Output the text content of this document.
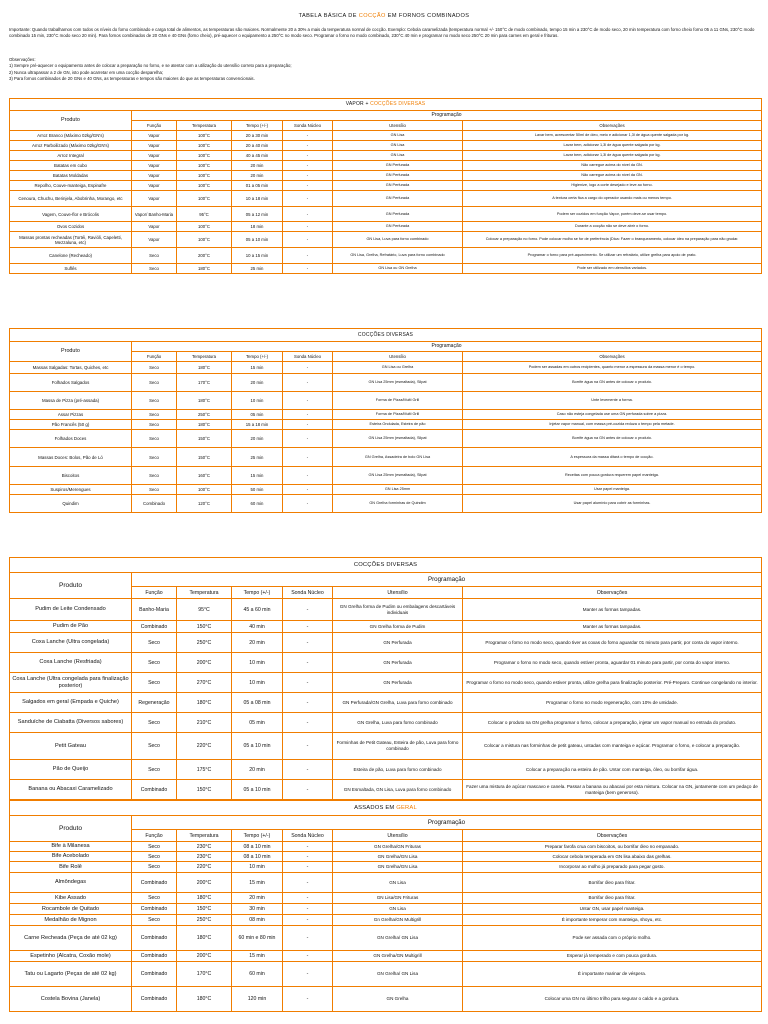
TABELA BÁSICA DE COCÇÃO EM FORNOS COMBINADOS
Importante: Quando trabalhamos com todos os níveis do forno combinado e carga total de alimentos, as temperaturas são maiores. Normalmente 20 a 30% a mais da temperatura normal de cocção. Exemplo: Cebola caramelizada (temperatura normal +/- 150°C de modo combinado, tempo 15 min a 230°C de modo seco, 20 min temperatura com forno cheio forno 05 a 11 GNs, 230°C modo combinado 15 min, 230°C modo seco 20 min). Para fornos combinados de 20 GNs e 40 GNs (forno cheio), pré-aquecer o equipamento a 250°C no modo seco. Programar o forno no modo combinado, 230°C 40 min e programar no modo seco 250°C 20 min para carnes em geral e frituras.
Observações:
1) Sempre pré-aquecer o equipamento antes de colocar a preparação no forno, e se atentar com a utilização do utensílio correto para a preparação;
2) Nunca ultrapassar a 2 de GN, isto pode acarretar em uma cocção desparelha;
3) Para fornos combinados de 20 GNs e 40 GNs, as temperaturas e tempos são maiores do que as temperaturas convencionais.
VAPOR + COCÇÕES DIVERSAS						
Produto	Programação					
	Função	Temperatura	Tempo (+/-)	Sonda Núcleo	Utensílio	Observações
Arroz Branco (Máximo 02kg/GN's)	Vapor	100°C	20 a 30 min	-	GN Lisa	Lavar bem, acrescentar 50ml de óleo, meio e adicionar 1,3l de água quente salgada por kg.
Arroz Parboilizado (Máximo 02kg/GN's)	Vapor	100°C	20 a 40 min	-	GN Lisa	Lavar bem, adicionar 1,3l de água quente salgada por kg.
Arroz Integral	Vapor	100°C	40 a 45 min	-	GN Lisa	Lavar bem, adicionar 1,3l de água quente salgada por kg.
Batatas em cubo	Vapor	100°C	20 min	-	GN Perfurada	Não carregue acima do nível da GN.
Batatas Moldadas	Vapor	100°C	20 min	-	GN Perfurada	Não carregue acima do nível da GN.
Repolho, Couve-manteiga, Espinafre	Vapor	100°C	01 a 05 min	-	GN Perfurada	Higienize, logo a corte desejado e leve ao forno.
Cenoura, Chuchu, Berinjela, Abobrinha, Morango, etc	Vapor	100°C	10 a 18 min	-	GN Perfurada	A textura certa fica a cargo do operador usando mais ou menos tempo.
Vagem, Couve-flor e Brócolis	Vapor/ Banho-Maria	95°C	05 a 12 min	-	GN Perfurada	Podem ser cozidos em função Vapor, porém deve-se usar tempo.
Ovos Cozidos	Vapor	100°C	18 min	-	GN Perfurada	Durante a cocção não se deve abrir o forno.
Massas prontas recheadas (Tortéi, Ravióli, Capeletti, Mezzaluna, etc)	Vapor	100°C	05 a 10 min	-	GN Lisa, Luva para forno combinado	Colocar a preparação no forno. Pode colocar molho se for de preferência (Dica: Fazer o branqueamento, colocar óleo na preparação para não grudar.
Canelone (Recheado)	Seco	200°C	10 a 15 min	-	GN Lisa, Grelha, Refratário, Luva para forno combinado	Programar o forno para pré-aquecimento. Se utilizar um refratário, utilize grelha para apoio de prato.
Suflês	Seco	180°C	25 min	-	GN Lisa ou GN Grelha	Pode ser utilizado em utensílios variados.
COCÇÕES DIVERSAS						
Produto	Programação					
	Função	Temperatura	Tempo (+/-)	Sonda Núcleo	Utensílio	Observações
Massas Salgadas: Tortas, Quiches, etc	Seco	180°C	15 min	-	GN Lisa ou Grelha	Podem ser assadas em outros recipientes, quanto menor a espessura da massa menor é o tempo.
Folhados Salgados	Seco	170°C	20 min	-	GN Lisa 25mm (esmaltada), Silpat	Borrife água na GN antes de colocar o produto.
Massa de Pizza (pré-assada)	Seco	180°C	10 min	-	Forma de Pizza/Multi Grill	Unte levemente a forma.
Assar Pizzas	Seco	250°C	05 min	-	Forma de Pizza/Multi Grill	Caso não esteja congelada use uma GN perfurada sobre a pizza.
Pão Francês (50 g)	Seco	180°C	15 a 18 min	-	Esteira Ondulada, Esteira de pão	Injetar vapor manual, com massa pré-cozida reduza o tempo pela metade.
Folhados Doces	Seco	150°C	20 min	-	GN Lisa 25mm (esmaltada), Silpat	Borrife água na GN antes de colocar o produto.
Massas Doces: Bolos, Pão de Ló	Seco	150°C	25 min	-	GN Grelha, Assadeira de bolo GN Lisa	A espessura da massa ditará o tempo de cocção.
Biscoitos	Seco	160°C	15 min	-	GN Lisa 25mm (esmaltada), Silpat	Receitas com pouca gordura requerem papel manteiga.
Suspiros/Merengues	Seco	100°C	50 min	-	GN Lisa 25mm	Usar papel manteiga.
Quindim	Combinado	120°C	60 min	-	GN Grelha forminhas de Quindim	Usar papel alumínio para cobrir as forminhas.
COCÇÕES DIVERSAS						
Produto	Programação					
	Função	Temperatura	Tempo (+/-)	Sonda Núcleo	Utensílio	Observações
Pudim de Leite Condensado	Banho-Maria	95°C	45 a 60 min	-	GN Grelha forma de Pudim ou embalagens descartáveis individuais	Manter as formas tampadas.
Pudim de Pão	Combinado	150°C	40 min	-	GN Grelha forma de Pudim	Manter as formas tampadas.
Coxa Lanche (Ultra congelada)	Seco	250°C	20 min	-	GN Perfurada	Programar o forno no modo seco, quando tiver as coxas do forno aguardar 01 minuto para partir, por conta do vapor interno.
Coxa Lanche (Resfriada)	Seco	200°C	10 min	-	GN Perfurada	Programar o forno no modo seco, quando estiver pronta, aguardar 01 minuto para partir, por conta do vapor interno.
Coxa Lanche (Ultra congelada para finalização posterior)	Seco	270°C	10 min	-	GN Perfurada	Programar o forno no modo seco, quando estiver pronta, utilize grelha para finalização posterior. Pré-Preparo. Continue congelando no interior.
Salgados em geral (Empada e Quiche)	Regeneração	180°C	05 a 08 min	-	GN Perfurada/GN Grelha, Luva para forno combinado	Programar o forno no modo regeneração, com 10% de umidade.
Sanduíche de Ciabatta (Diversos sabores)	Seco	210°C	05 min	-	GN Grelha, Luva para forno combinado	Colocar o produto na GN grelha programar o forno, colocar a preparação, injetar um vapor manual no entrada do produto.
Petit Gateau	Seco	220°C	05 a 10 min	-	Forminhas de Petit Gateau, Esteira de pão, Luva para forno combinado	Colocar a mistura nas forminhas de petit gateau, untadas com manteiga e açúcar. Programar o forno, e colocar a preparação.
Pão de Queijo	Seco	175°C	20 min	-	Esteira de pão, Luva para forno combinado	Colocar a preparação na esteira de pão. Untar com manteiga, óleo, ou borrifar água.
Banana ou Abacaxi Caramelizado	Combinado	150°C	05 a 10 min	-	GN Esmaltada, GN Lisa, Luva para forno combinado	Fazer uma mistura de açúcar mascavo e canela. Passar a banana ou abacaxi por esta mistura. Colocar na GN, juntamente com um pedaço de manteiga (bem generoso).
ASSADOS EM GERAL						
Produto	Programação					
	Função	Temperatura	Tempo (+/-)	Sonda Núcleo	Utensílio	Observações
Bife à Milanesa	Seco	230°C	08 a 10 min	-	GN Grelha/GN Frituras	Preparar farofa crua com biscoitos, ou borrifar óleo no empanado.
Bife Acebolado	Seco	230°C	08 a 10 min	-	GN Grelha/GN Lisa	Colocar cebola temperada em GN lisa abaixo das grelhas.
Bife Rolê	Seco	220°C	10 min	-	GN Grelha/GN Lisa	Incorporar ao molho já preparado para pegar gosto.
Almôndegas	Combinado	200°C	15 min	-	GN Lisa	Borrifar óleo para fritar.
Kibe Assado	Seco	180°C	20 min	-	GN Lisa/GN Frituras	Borrifar óleo para fritar.
Rocambole de Quitado	Combinado	150°C	30 min	-	GN Lisa	Untar GN, usar papel manteiga.
Medalhão de Mignon	Seco	250°C	08 min	-	Gn Grelha/GN Multigrill	É importante temperar com manteiga, shoyu, etc.
Carne Recheada (Peça de até 02 kg)	Combinado	180°C	60 min e 80 min	-	GN Grelha/ GN Lisa	Pode ser assada com o próprio molho.
Espetinho (Alcatra, Coxão mole)	Combinado	200°C	15 min	-	GN Grelha/GN Multigrill	Esperar já temperado e com pouca gordura.
Tatu ou Lagarto (Peças de até 02 kg)	Combinado	170°C	60 min	-	GN Grelha/ GN Lisa	É importante marinar de véspera.
Costela Bovina (Janela)	Combinado	180°C	120 min	-	GN Grelha	Colocar uma GN no último trilho para segurar o caldo e a gordura.
